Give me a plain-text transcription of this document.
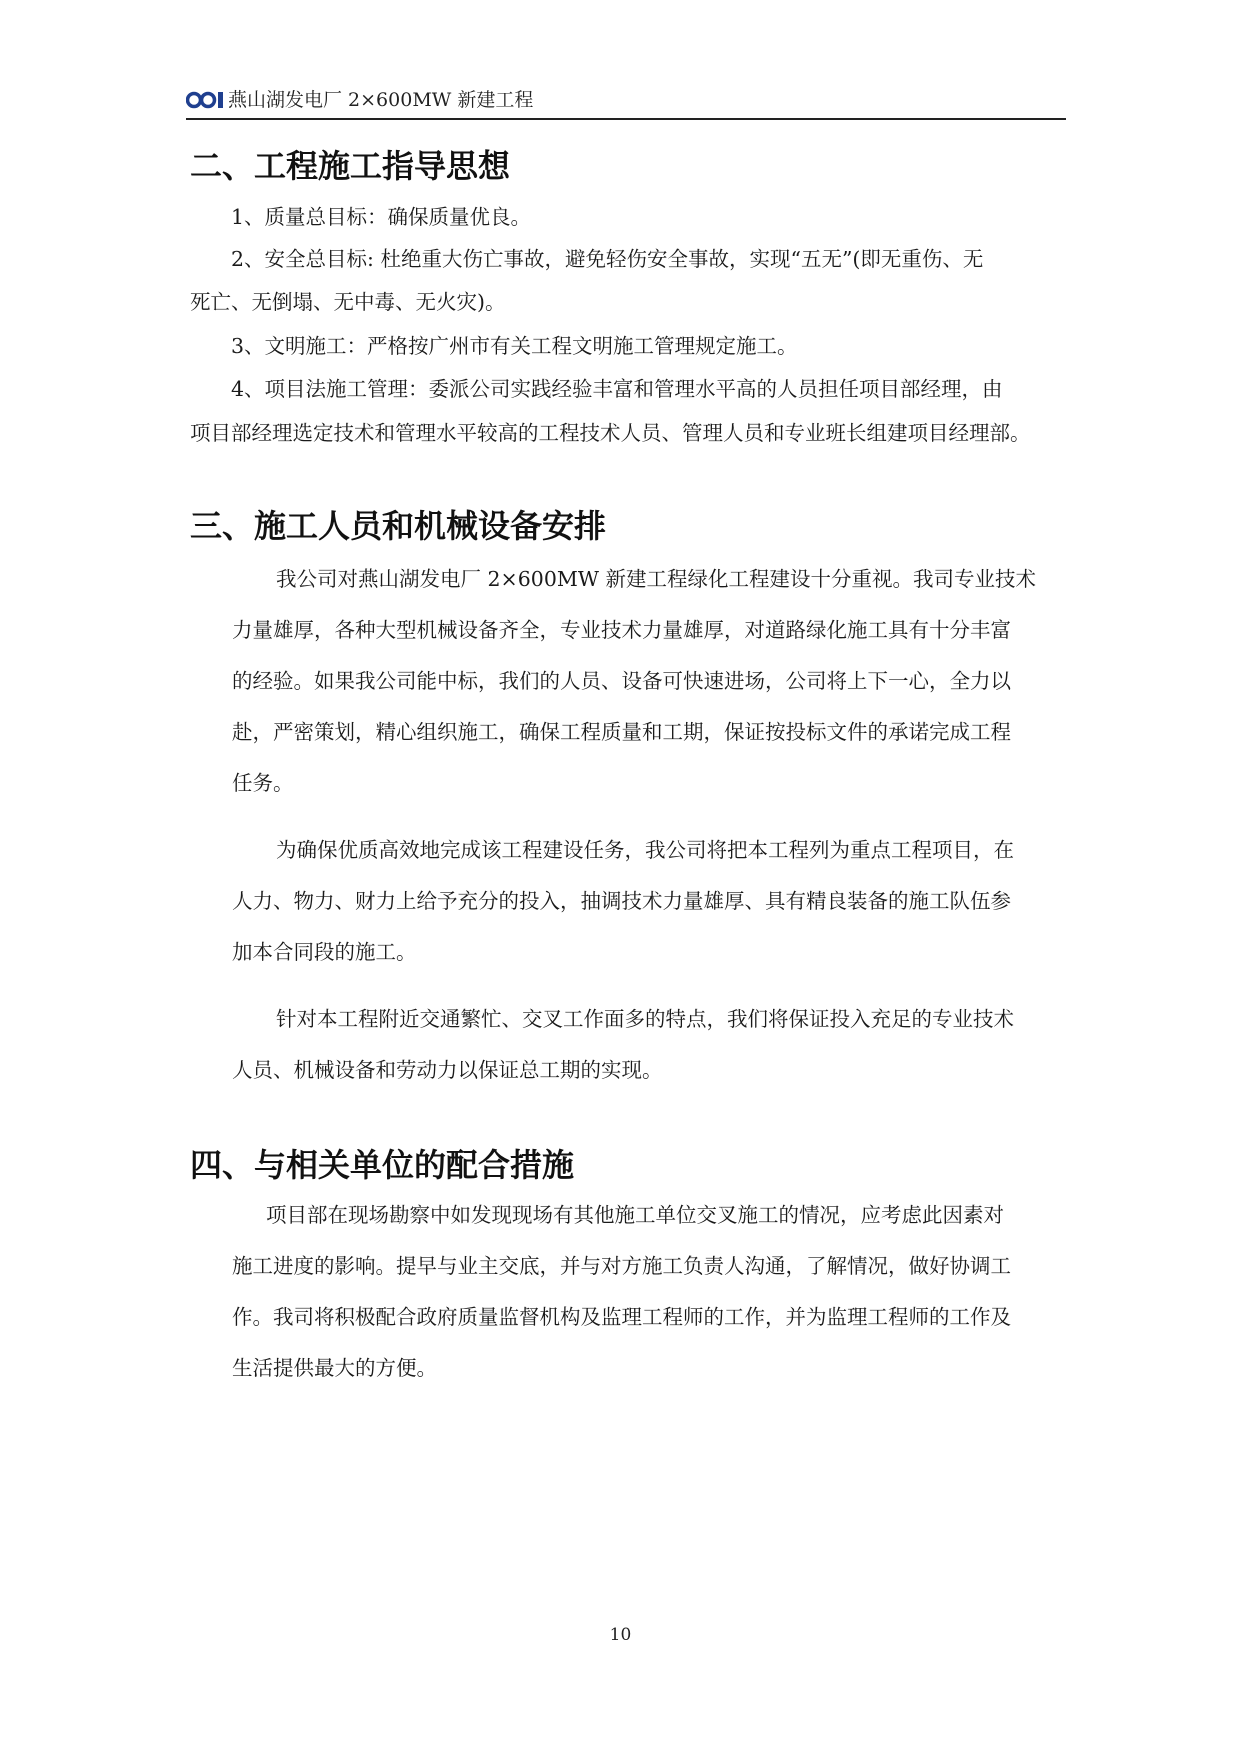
燕山湖发电厂 2×600MW 新建工程
二、工程施工指导思想

1、质量总目标：确保质量优良。

2、安全总目标: 杜绝重大伤亡事故，避免轻伤安全事故，实现“五无”(即无重伤、无

死亡、无倒塌、无中毒、无火灾)。

3、文明施工：严格按广州市有关工程文明施工管理规定施工。

4、项目法施工管理：委派公司实践经验丰富和管理水平高的人员担任项目部经理，由

项目部经理选定技术和管理水平较高的工程技术人员、管理人员和专业班长组建项目经理部。

三、施工人员和机械设备安排

我公司对燕山湖发电厂 2×600MW 新建工程绿化工程建设十分重视。我司专业技术

力量雄厚，各种大型机械设备齐全，专业技术力量雄厚，对道路绿化施工具有十分丰富

的经验。如果我公司能中标，我们的人员、设备可快速进场，公司将上下一心，全力以

赴，严密策划，精心组织施工，确保工程质量和工期，保证按投标文件的承诺完成工程

任务。

为确保优质高效地完成该工程建设任务，我公司将把本工程列为重点工程项目，在

人力、物力、财力上给予充分的投入，抽调技术力量雄厚、具有精良装备的施工队伍参

加本合同段的施工。

针对本工程附近交通繁忙、交叉工作面多的特点，我们将保证投入充足的专业技术

人员、机械设备和劳动力以保证总工期的实现。

四、与相关单位的配合措施

项目部在现场勘察中如发现现场有其他施工单位交叉施工的情况，应考虑此因素对

施工进度的影响。提早与业主交底，并与对方施工负责人沟通，了解情况，做好协调工

作。我司将积极配合政府质量监督机构及监理工程师的工作，并为监理工程师的工作及

生活提供最大的方便。

10
